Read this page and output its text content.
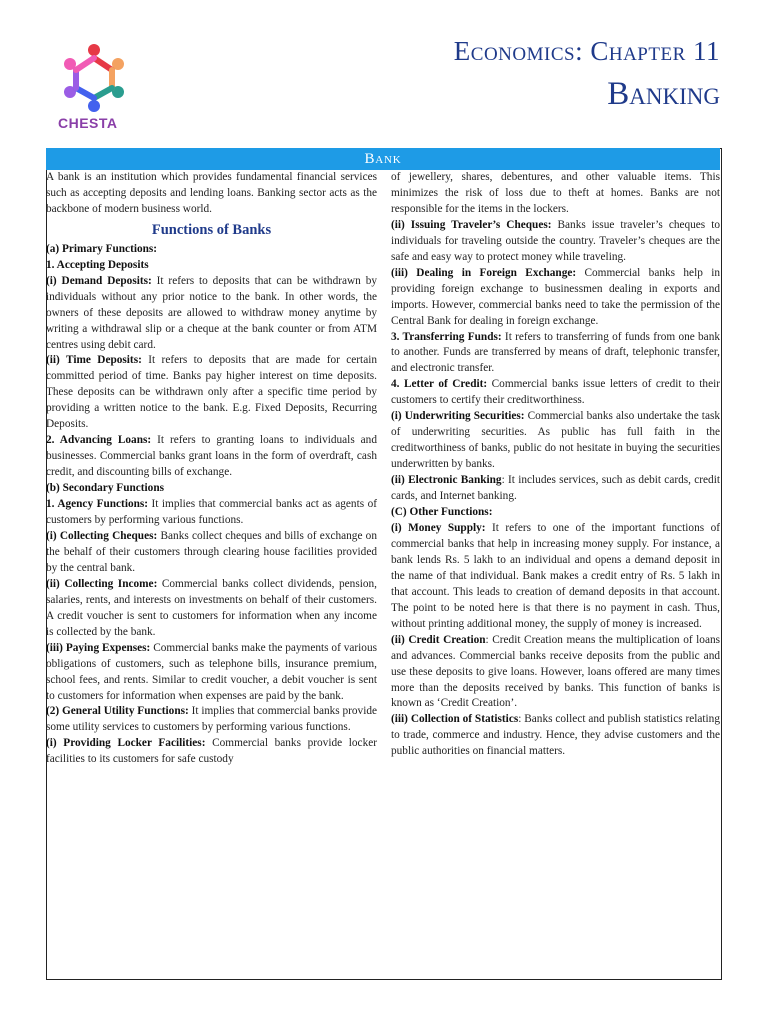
CHESTA
Economics: Chapter 11
Banking
Bank

A bank is an institution which provides fundamental financial services such as accepting deposits and lending loans. Banking sector acts as the backbone of modern business world.

Functions of Banks

(a) Primary Functions:

1. Accepting Deposits

(i) Demand Deposits: It refers to deposits that can be withdrawn by individuals without any prior notice to the bank. In other words, the owners of these deposits are allowed to withdraw money anytime by writing a withdrawal slip or a cheque at the bank counter or from ATM centres using debit card.

(ii) Time Deposits: It refers to deposits that are made for certain committed period of time. Banks pay higher interest on time deposits. These deposits can be withdrawn only after a specific time period by providing a written notice to the bank. E.g. Fixed Deposits, Recurring Deposits.

2. Advancing Loans: It refers to granting loans to individuals and businesses. Commercial banks grant loans in the form of overdraft, cash credit, and discounting bills of exchange.

(b) Secondary Functions

1. Agency Functions: It implies that commercial banks act as agents of customers by performing various functions.

(i) Collecting Cheques: Banks collect cheques and bills of exchange on the behalf of their customers through clearing house facilities provided by the central bank.

(ii) Collecting Income: Commercial banks collect dividends, pension, salaries, rents, and interests on investments on behalf of their customers. A credit voucher is sent to customers for information when any income is collected by the bank.

(iii) Paying Expenses: Commercial banks make the payments of various obligations of customers, such as telephone bills, insurance premium, school fees, and rents. Similar to credit voucher, a debit voucher is sent to customers for information when expenses are paid by the bank.

(2) General Utility Functions: It implies that commercial banks provide some utility services to customers by performing various functions.

(i) Providing Locker Facilities: Commercial banks provide locker facilities to its customers for safe custody

of jewellery, shares, debentures, and other valuable items. This minimizes the risk of loss due to theft at homes. Banks are not responsible for the items in the lockers.

(ii) Issuing Traveler’s Cheques: Banks issue traveler’s cheques to individuals for traveling outside the country. Traveler’s cheques are the safe and easy way to protect money while traveling.

(iii) Dealing in Foreign Exchange: Commercial banks help in providing foreign exchange to businessmen dealing in exports and imports. However, commercial banks need to take the permission of the Central Bank for dealing in foreign exchange.

3. Transferring Funds: It refers to transferring of funds from one bank to another. Funds are transferred by means of draft, telephonic transfer, and electronic transfer.

4. Letter of Credit: Commercial banks issue letters of credit to their customers to certify their creditworthiness.

(i) Underwriting Securities: Commercial banks also undertake the task of underwriting securities. As public has full faith in the creditworthiness of banks, public do not hesitate in buying the securities underwritten by banks.

(ii) Electronic Banking: It includes services, such as debit cards, credit cards, and Internet banking.

(C) Other Functions:

(i) Money Supply: It refers to one of the important functions of commercial banks that help in increasing money supply. For instance, a bank lends Rs. 5 lakh to an individual and opens a demand deposit in the name of that individual. Bank makes a credit entry of Rs. 5 lakh in that account. This leads to creation of demand deposits in that account. The point to be noted here is that there is no payment in cash. Thus, without printing additional money, the supply of money is increased.

(ii) Credit Creation: Credit Creation means the multiplication of loans and advances. Commercial banks receive deposits from the public and use these deposits to give loans. However, loans offered are many times more than the deposits received by banks. This function of banks is known as ‘Credit Creation’.

(iii) Collection of Statistics: Banks collect and publish statistics relating to trade, commerce and industry. Hence, they advise customers and the public authorities on financial matters.
